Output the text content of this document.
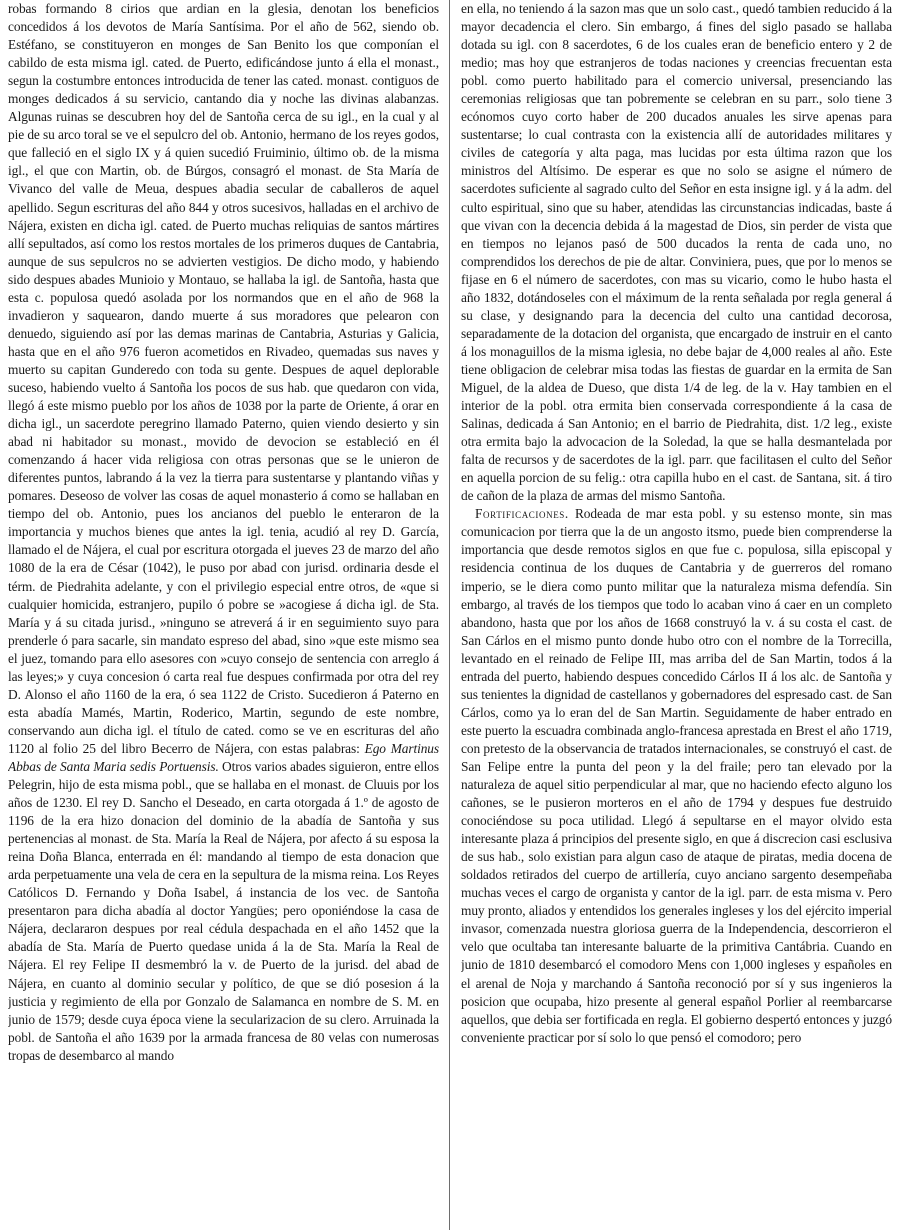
robas formando 8 cirios que ardian en la glesia, denotan los beneficios concedidos á los devotos de María Santísima. Por el año de 562, siendo ob. Estéfano, se constituyeron en monges de San Benito los que componían el cabildo de esta misma igl. cated. de Puerto, edificándose junto á ella el monast., segun la costumbre entonces introducida de tener las cated. monast. contiguos de monges dedicados á su servicio, cantando dia y noche las divinas alabanzas. Algunas ruinas se descubren hoy del de Santoña cerca de su igl., en la cual y al pie de su arco toral se ve el sepulcro del ob. Antonio, hermano de los reyes godos, que falleció en el siglo IX y á quien sucedió Fruiminio, último ob. de la misma igl., el que con Martin, ob. de Búrgos, consagró el monast. de Sta María de Vivanco del valle de Meua, despues abadia secular de caballeros de aquel apellido. Segun escrituras del año 844 y otros sucesivos, halladas en el archivo de Nájera, existen en dicha igl. cated. de Puerto muchas reliquias de santos mártires allí sepultados, así como los restos mortales de los primeros duques de Cantabria, aunque de sus sepulcros no se advierten vestigios. De dicho modo, y habiendo sido despues abades Munioio y Montauo, se hallaba la igl. de Santoña, hasta que esta c. populosa quedó asolada por los normandos que en el año de 968 la invadieron y saquearon, dando muerte á sus moradores que pelearon con denuedo, siguiendo así por las demas marinas de Cantabria, Asturias y Galicia, hasta que en el año 976 fueron acometidos en Rivadeo, quemadas sus naves y muerto su capitan Gunderedo con toda su gente. Despues de aquel deplorable suceso, habiendo vuelto á Santoña los pocos de sus hab. que quedaron con vida, llegó á este mismo pueblo por los años de 1038 por la parte de Oriente, á orar en dicha igl., un sacerdote peregrino llamado Paterno, quien viendo desierto y sin abad ni habitador su monast., movido de devocion se estableció en él comenzando á hacer vida religiosa con otras personas que se le unieron de diferentes puntos, labrando á la vez la tierra para sustentarse y plantando viñas y pomares. Deseoso de volver las cosas de aquel monasterio á como se hallaban en tiempo del ob. Antonio, pues los ancianos del pueblo le enteraron de la importancia y muchos bienes que antes la igl. tenia, acudió al rey D. García, llamado el de Nájera, el cual por escritura otorgada el jueves 23 de marzo del año 1080 de la era de César (1042), le puso por abad con jurisd. ordinaria desde el térm. de Piedrahita adelante, y con el privilegio especial entre otros, de «que si cualquier homicida, estranjero, pupilo ó pobre se »acogiese á dicha igl. de Sta. María y á su citada jurisd., »ninguno se atreverá á ir en seguimiento suyo para prenderle ó para sacarle, sin mandato espreso del abad, sino »que este mismo sea el juez, tomando para ello asesores con »cuyo consejo de sentencia con arreglo á las leyes;» y cuya concesion ó carta real fue despues confirmada por otra del rey D. Alonso el año 1160 de la era, ó sea 1122 de Cristo. Sucedieron á Paterno en esta abadía Mamés, Martin, Roderico, Martin, segundo de este nombre, conservando aun dicha igl. el título de cated. como se ve en escrituras del año 1120 al folio 25 del libro Becerro de Nájera, con estas palabras: Ego Martinus Abbas de Santa Maria sedis Portuensis. Otros varios abades siguieron, entre ellos Pelegrin, hijo de esta misma pobl., que se hallaba en el monast. de Cluuis por los años de 1230. El rey D. Sancho el Deseado, en carta otorgada á 1.º de agosto de 1196 de la era hizo donacion del dominio de la abadía de Santoña y sus pertenencias al monast. de Sta. María la Real de Nájera, por afecto á su esposa la reina Doña Blanca, enterrada en él: mandando al tiempo de esta donacion que arda perpetuamente una vela de cera en la sepultura de la misma reina. Los Reyes Católicos D. Fernando y Doña Isabel, á instancia de los vec. de Santoña presentaron para dicha abadía al doctor Yangües; pero oponiéndose la casa de Nájera, declararon despues por real cédula despachada en el año 1452 que la abadía de Sta. María de Puerto quedase unida á la de Sta. María la Real de Nájera. El rey Felipe II desmembró la v. de Puerto de la jurisd. del abad de Nájera, en cuanto al dominio secular y político, de que se dió posesion á la justicia y regimiento de ella por Gonzalo de Salamanca en nombre de S. M. en junio de 1579; desde cuya época viene la secularizacion de su clero. Arruinada la pobl. de Santoña el año 1639 por la armada francesa de 80 velas con numerosas tropas de desembarco al mando

en ella, no teniendo á la sazon mas que un solo cast., quedó tambien reducido á la mayor decadencia el clero. Sin embargo, á fines del siglo pasado se hallaba dotada su igl. con 8 sacerdotes, 6 de los cuales eran de beneficio entero y 2 de medio; mas hoy que estranjeros de todas naciones y creencias frecuentan esta pobl. como puerto habilitado para el comercio universal, presenciando las ceremonias religiosas que tan pobremente se celebran en su parr., solo tiene 3 ecónomos cuyo corto haber de 200 ducados anuales les sirve apenas para sustentarse; lo cual contrasta con la existencia allí de autoridades militares y civiles de categoría y alta paga, mas lucidas por esta última razon que los ministros del Altísimo. De esperar es que no solo se asigne el número de sacerdotes suficiente al sagrado culto del Señor en esta insigne igl. y á la adm. del culto espiritual, sino que su haber, atendidas las circunstancias indicadas, baste á que vivan con la decencia debida á la magestad de Dios, sin perder de vista que en tiempos no lejanos pasó de 500 ducados la renta de cada uno, no comprendidos los derechos de pie de altar. Conviniera, pues, que por lo menos se fijase en 6 el número de sacerdotes, con mas su vicario, como le hubo hasta el año 1832, dotándoseles con el máximum de la renta señalada por regla general á su clase, y designando para la decencia del culto una cantidad decorosa, separadamente de la dotacion del organista, que encargado de instruir en el canto á los monaguillos de la misma iglesia, no debe bajar de 4,000 reales al año. Este tiene obligacion de celebrar misa todas las fiestas de guardar en la ermita de San Miguel, de la aldea de Dueso, que dista 1/4 de leg. de la v. Hay tambien en el interior de la pobl. otra ermita bien conservada correspondiente á la casa de Salinas, dedicada á San Antonio; en el barrio de Piedrahita, dist. 1/2 leg., existe otra ermita bajo la advocacion de la Soledad, la que se halla desmantelada por falta de recursos y de sacerdotes de la igl. parr. que facilitasen el culto del Señor en aquella porcion de su felig.: otra capilla hubo en el cast. de Santana, sit. á tiro de cañon de la plaza de armas del mismo Santoña.

Fortificaciones. Rodeada de mar esta pobl. y su estenso monte, sin mas comunicacion por tierra que la de un angosto itsmo, puede bien comprenderse la importancia que desde remotos siglos en que fue c. populosa, silla episcopal y residencia continua de los duques de Cantabria y de guerreros del romano imperio, se le diera como punto militar que la naturaleza misma defendía. Sin embargo, al través de los tiempos que todo lo acaban vino á caer en un completo abandono, hasta que por los años de 1668 construyó la v. á su costa el cast. de San Cárlos en el mismo punto donde hubo otro con el nombre de la Torrecilla, levantado en el reinado de Felipe III, mas arriba del de San Martin, todos á la entrada del puerto, habiendo despues concedido Cárlos II á los alc. de Santoña y sus tenientes la dignidad de castellanos y gobernadores del espresado cast. de San Cárlos, como ya lo eran del de San Martin. Seguidamente de haber entrado en este puerto la escuadra combinada anglo-francesa aprestada en Brest el año 1719, con pretesto de la observancia de tratados internacionales, se construyó el cast. de San Felipe entre la punta del peon y la del fraile; pero tan elevado por la naturaleza de aquel sitio perpendicular al mar, que no haciendo efecto alguno los cañones, se le pusieron morteros en el año de 1794 y despues fue destruido conociéndose su poca utilidad. Llegó á sepultarse en el mayor olvido esta interesante plaza á principios del presente siglo, en que á discrecion casi esclusiva de sus hab., solo existian para algun caso de ataque de piratas, media docena de soldados retirados del cuerpo de artillería, cuyo anciano sargento desempeñaba muchas veces el cargo de organista y cantor de la igl. parr. de esta misma v. Pero muy pronto, aliados y entendidos los generales ingleses y los del ejército imperial invasor, comenzada nuestra gloriosa guerra de la Independencia, descorrieron el velo que ocultaba tan interesante baluarte de la primitiva Cantábria. Cuando en junio de 1810 desembarcó el comodoro Mens con 1,000 ingleses y españoles en el arenal de Noja y marchando á Santoña reconoció por sí y sus ingenieros la posicion que ocupaba, hizo presente al general español Porlier al reembarcarse aquellos, que debia ser fortificada en regla. El gobierno despertó entonces y juzgó conveniente practicar por sí solo lo que pensó el comodoro; pero
